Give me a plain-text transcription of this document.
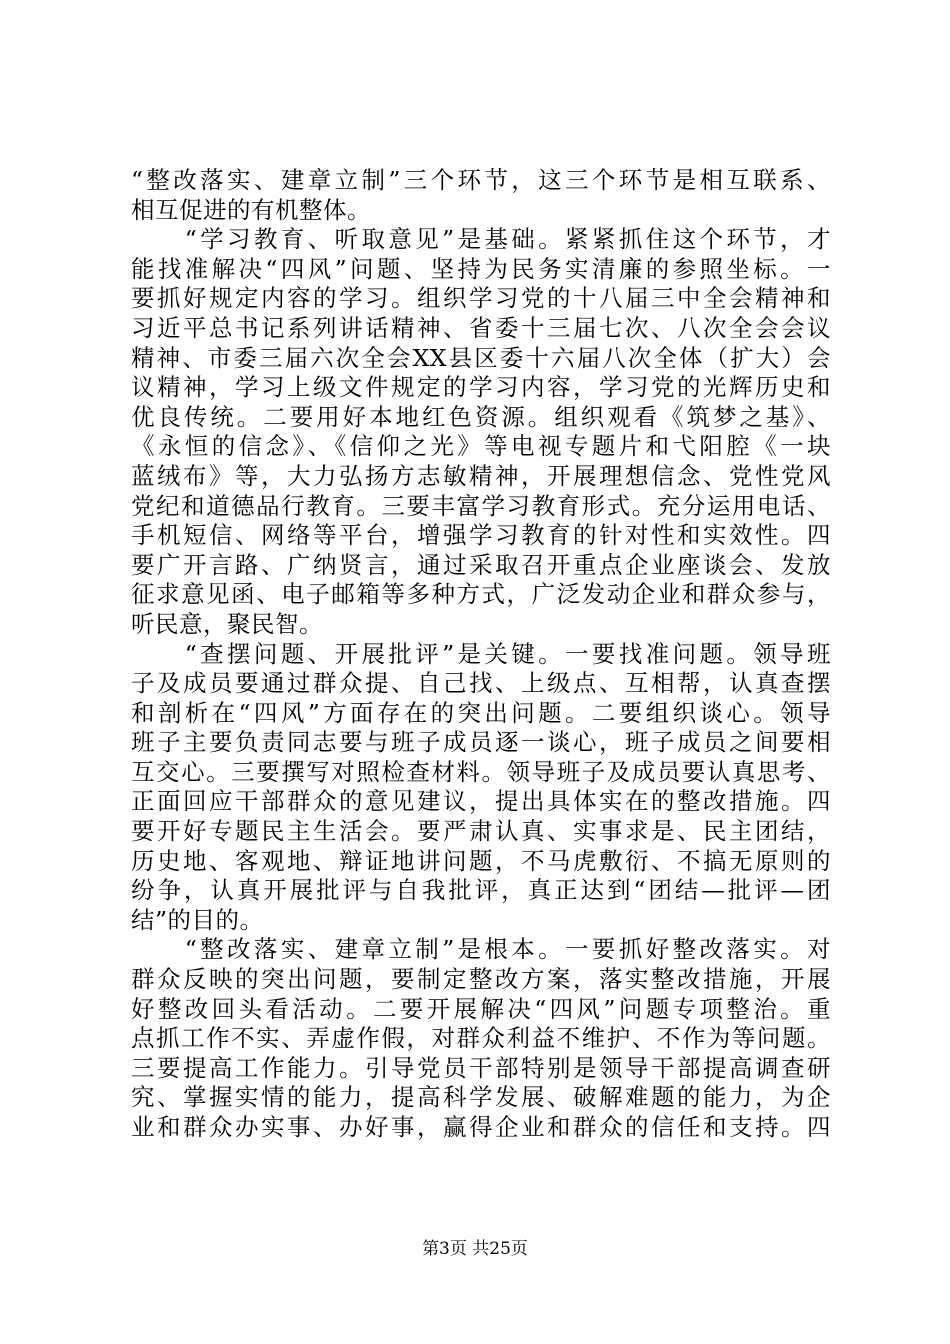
“整改落实、建章立制”三个环节，这三个环节是相互联系、
相互促进的有机整体。
　　“学习教育、听取意见”是基础。紧紧抓住这个环节，才
能找准解决“四风”问题、坚持为民务实清廉的参照坐标。一
要抓好规定内容的学习。组织学习党的十八届三中全会精神和
习近平总书记系列讲话精神、省委十三届七次、八次全会会议
精神、市委三届六次全会XX县区委十六届八次全体（扩大）会
议精神，学习上级文件规定的学习内容，学习党的光辉历史和
优良传统。二要用好本地红色资源。组织观看《筑梦之基》、
《永恒的信念》、《信仰之光》等电视专题片和弋阳腔《一块
蓝绒布》等，大力弘扬方志敏精神，开展理想信念、党性党风
党纪和道德品行教育。三要丰富学习教育形式。充分运用电话、
手机短信、网络等平台，增强学习教育的针对性和实效性。四
要广开言路、广纳贤言，通过采取召开重点企业座谈会、发放
征求意见函、电子邮箱等多种方式，广泛发动企业和群众参与，
听民意，聚民智。
　　“查摆问题、开展批评”是关键。一要找准问题。领导班
子及成员要通过群众提、自己找、上级点、互相帮，认真查摆
和剖析在“四风”方面存在的突出问题。二要组织谈心。领导
班子主要负责同志要与班子成员逐一谈心，班子成员之间要相
互交心。三要撰写对照检查材料。领导班子及成员要认真思考、
正面回应干部群众的意见建议，提出具体实在的整改措施。四
要开好专题民主生活会。要严肃认真、实事求是、民主团结，
历史地、客观地、辩证地讲问题，不马虎敷衍、不搞无原则的
纷争，认真开展批评与自我批评，真正达到“团结—批评—团
结”的目的。
　　“整改落实、建章立制”是根本。一要抓好整改落实。对
群众反映的突出问题，要制定整改方案，落实整改措施，开展
好整改回头看活动。二要开展解决“四风”问题专项整治。重
点抓工作不实、弄虚作假，对群众利益不维护、不作为等问题。
三要提高工作能力。引导党员干部特别是领导干部提高调查研
究、掌握实情的能力，提高科学发展、破解难题的能力，为企
业和群众办实事、办好事，赢得企业和群众的信任和支持。四
第3页 共25页
